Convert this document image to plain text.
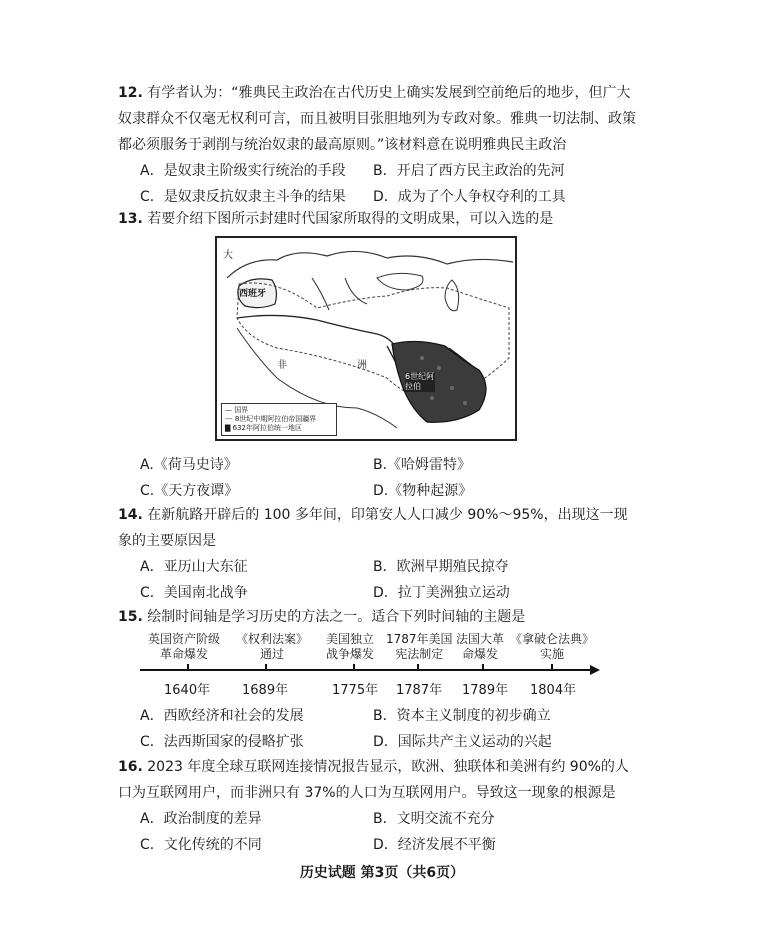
12. 有学者认为：“雅典民主政治在古代历史上确实发展到空前绝后的地步，但广大奴隶群众不仅毫无权利可言，而且被明目张胆地列为专政对象。雅典一切法制、政策都必须服务于剥削与统治奴隶的最高原则。”该材料意在说明雅典民主政治

A．是奴隶主阶级实行统治的手段 B．开启了西方民主政治的先河
C．是奴隶反抗奴隶主斗争的结果 D．成为了个人争权夺利的工具

13. 若要介绍下图所示封建时代国家所取得的文明成果，可以入选的是

大
西班牙
非	洲
6世纪阿拉伯
— 国界
--- 8世纪中期阿拉伯帝国疆界
▇ 632年阿拉伯统一地区
A.《荷马史诗》	B.《哈姆雷特》
C.《天方夜谭》	D.《物种起源》

14. 在新航路开辟后的 100 多年间，印第安人人口减少 90%～95%，出现这一现象的主要原因是

A．亚历山大东征	B．欧洲早期殖民掠夺
C．美国南北战争	D．拉丁美洲独立运动

15. 绘制时间轴是学习历史的方法之一。适合下列时间轴的主题是

英国资产阶级
革命爆发
《权利法案》
通过
美国独立
战争爆发
1787年美国
宪法制定
法国大革
命爆发
《拿破仑法典》
实施
1640年 1689年	1775年 1787年 1789年 1804年
A．西欧经济和社会的发展	B．资本主义制度的初步确立
C．法西斯国家的侵略扩张	D．国际共产主义运动的兴起

16. 2023 年度全球互联网连接情况报告显示，欧洲、独联体和美洲有约 90%的人口为互联网用户，而非洲只有 37%的人口为互联网用户。导致这一现象的根源是

A．政治制度的差异	B．文明交流不充分
C．文化传统的不同	D．经济发展不平衡
历史试题 第3页（共6页）
